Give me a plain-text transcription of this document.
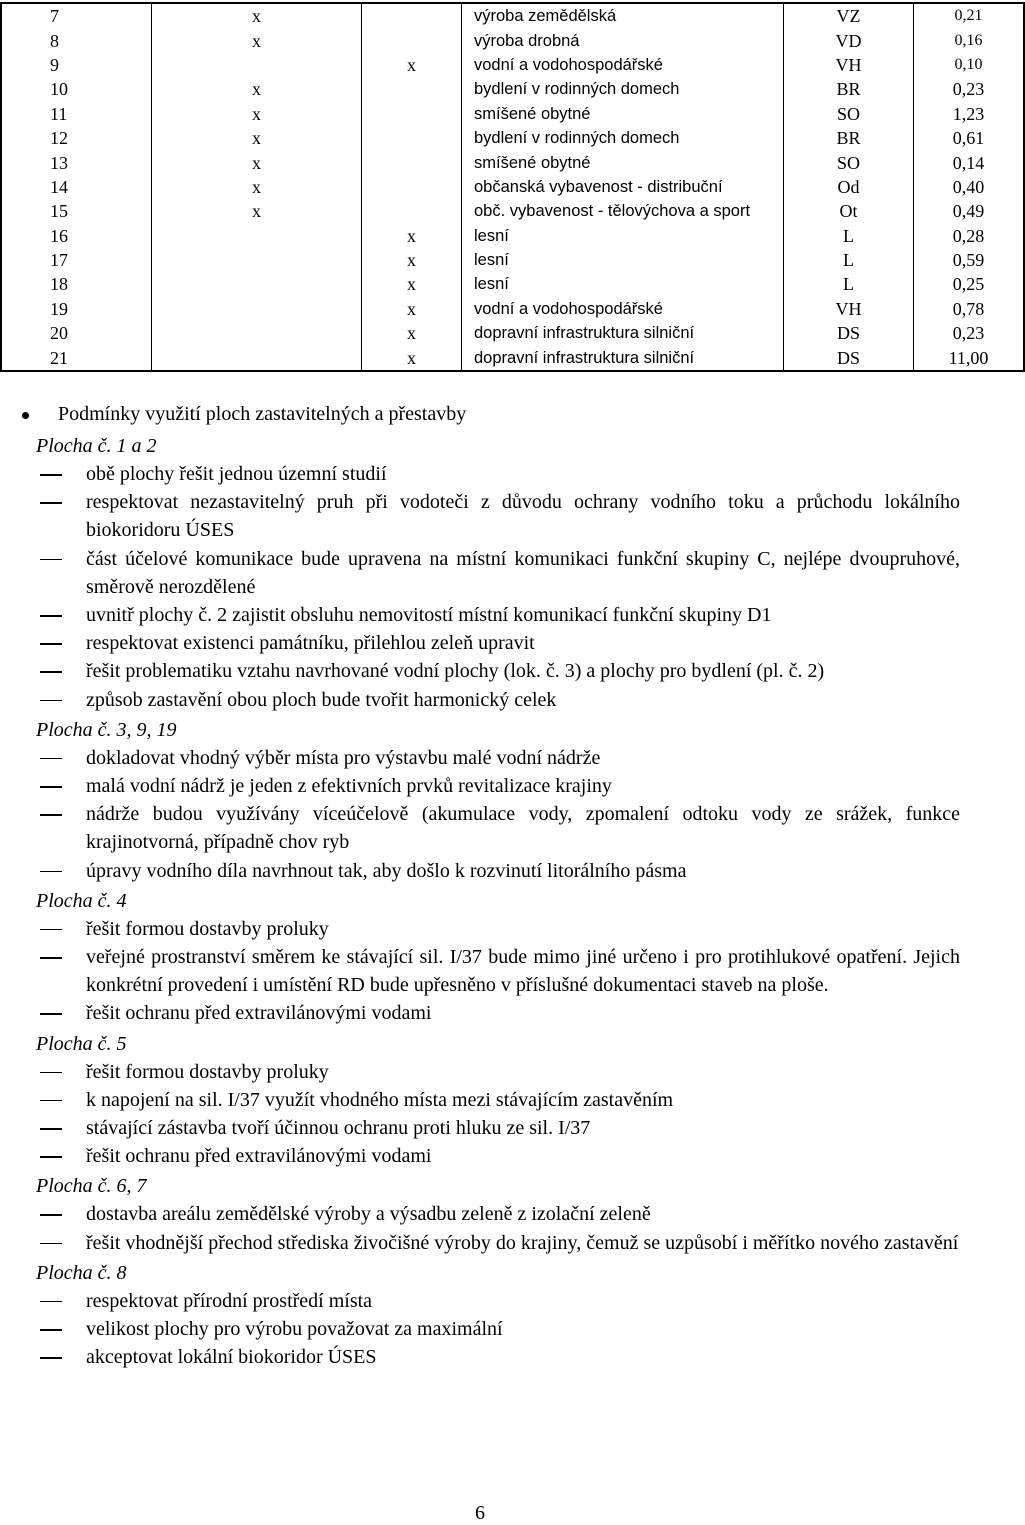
7	x		výroba zemědělská	VZ	0,21
8	x		výroba drobná	VD	0,16
9		x	vodní a vodohospodářské	VH	0,10
10	x		bydlení v rodinných domech	BR	0,23
11	x		smíšené obytné	SO	1,23
12	x		bydlení v rodinných domech	BR	0,61
13	x		smíšené obytné	SO	0,14
14	x		občanská vybavenost - distribuční	Od	0,40
15	x		obč. vybavenost - tělovýchova a sport	Ot	0,49
16		x	lesní	L	0,28
17		x	lesní	L	0,59
18		x	lesní	L	0,25
19		x	vodní a vodohospodářské	VH	0,78
20		x	dopravní infrastruktura silniční	DS	0,23
21		x	dopravní infrastruktura silniční	DS	11,00
Podmínky využití ploch zastavitelných a přestavby
Plocha č. 1 a 2
obě plochy řešit jednou územní studií
respektovat nezastavitelný pruh při vodoteči z důvodu ochrany vodního toku a průchodu lokálního biokoridoru ÚSES
část účelové komunikace bude upravena na místní komunikaci funkční skupiny C, nejlépe dvoupruhové, směrově nerozdělené
uvnitř plochy č. 2 zajistit obsluhu nemovitostí místní komunikací funkční skupiny D1
respektovat existenci památníku, přilehlou zeleň upravit
řešit problematiku vztahu navrhované vodní plochy (lok. č. 3) a plochy pro bydlení (pl. č. 2)
způsob zastavění obou ploch bude tvořit harmonický celek
Plocha č. 3, 9, 19
dokladovat vhodný výběr místa pro výstavbu malé vodní nádrže
malá vodní nádrž je jeden z efektivních prvků revitalizace krajiny
nádrže budou využívány víceúčelově (akumulace vody, zpomalení odtoku vody ze srážek, funkce krajinotvorná, případně chov ryb
úpravy vodního díla navrhnout tak, aby došlo k rozvinutí litorálního pásma
Plocha č. 4
řešit formou dostavby proluky
veřejné prostranství směrem ke stávající sil. I/37 bude mimo jiné určeno i pro protihlukové opatření. Jejich konkrétní provedení i umístění RD bude upřesněno v příslušné dokumentaci staveb na ploše.
řešit ochranu před extravilánovými vodami
Plocha č. 5
řešit formou dostavby proluky
k napojení na sil. I/37 využít vhodného místa mezi stávajícím zastavěním
stávající zástavba tvoří účinnou ochranu proti hluku ze sil. I/37
řešit ochranu před extravilánovými vodami
Plocha č. 6, 7
dostavba areálu zemědělské výroby a výsadbu zeleně z izolační zeleně
řešit vhodnější přechod střediska živočišné výroby do krajiny, čemuž se uzpůsobí i měřítko nového zastavění
Plocha č. 8
respektovat přírodní prostředí místa
velikost plochy pro výrobu považovat za maximální
akceptovat lokální biokoridor ÚSES
6
